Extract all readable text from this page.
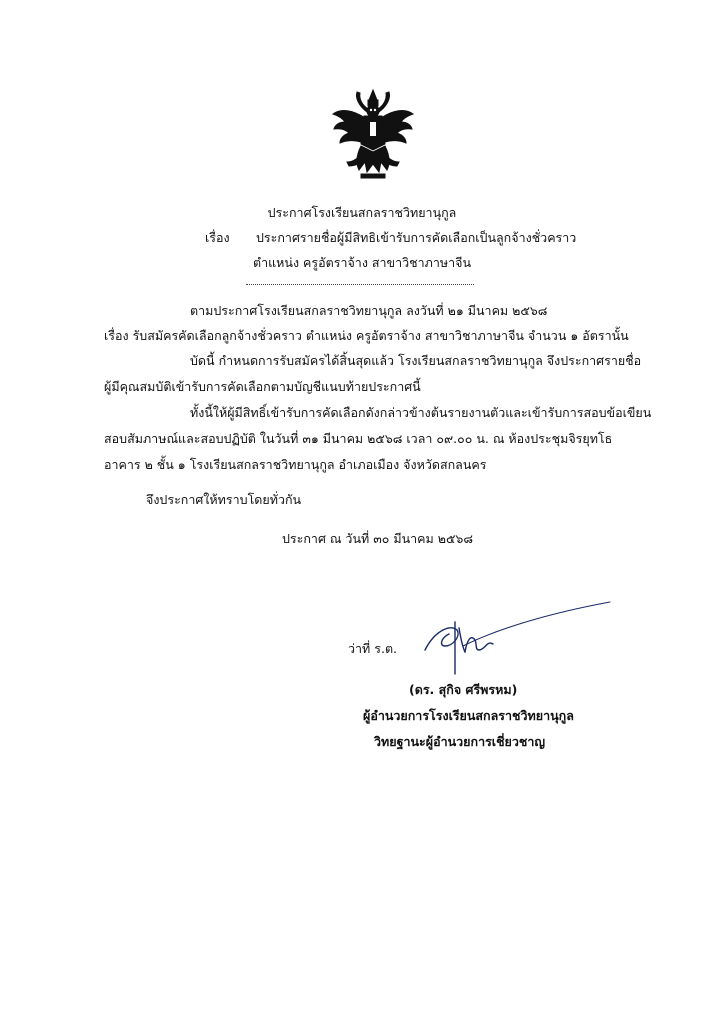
ประกาศโรงเรียนสกลราชวิทยานุกูล
เรื่อง ประกาศรายชื่อผู้มีสิทธิเข้ารับการคัดเลือกเป็นลูกจ้างชั่วคราว
ตำแหน่ง ครูอัตราจ้าง สาขาวิชาภาษาจีน
ตามประกาศโรงเรียนสกลราชวิทยานุกูล ลงวันที่ ๒๑ มีนาคม ๒๕๖๘
เรื่อง รับสมัครคัดเลือกลูกจ้างชั่วคราว ตำแหน่ง ครูอัตราจ้าง สาขาวิชาภาษาจีน จำนวน ๑ อัตรานั้น
บัดนี้ กำหนดการรับสมัครได้สิ้นสุดแล้ว โรงเรียนสกลราชวิทยานุกูล จึงประกาศรายชื่อ
ผู้มีคุณสมบัติเข้ารับการคัดเลือกตามบัญชีแนบท้ายประกาศนี้
ทั้งนี้ให้ผู้มีสิทธิ์เข้ารับการคัดเลือกดังกล่าวข้างต้นรายงานตัวและเข้ารับการสอบข้อเขียน
สอบสัมภาษณ์และสอบปฏิบัติ ในวันที่ ๓๑ มีนาคม ๒๕๖๘ เวลา ๐๙.๐๐ น. ณ ห้องประชุมจิรยุทโธ
อาคาร ๒ ชั้น ๑ โรงเรียนสกลราชวิทยานุกูล อำเภอเมือง จังหวัดสกลนคร
จึงประกาศให้ทราบโดยทั่วกัน
ประกาศ ณ วันที่ ๓๐ มีนาคม ๒๕๖๘
ว่าที่ ร.ต.
(ดร. สุกิจ ศรีพรหม)
ผู้อำนวยการโรงเรียนสกลราชวิทยานุกูล
วิทยฐานะผู้อำนวยการเชี่ยวชาญ
